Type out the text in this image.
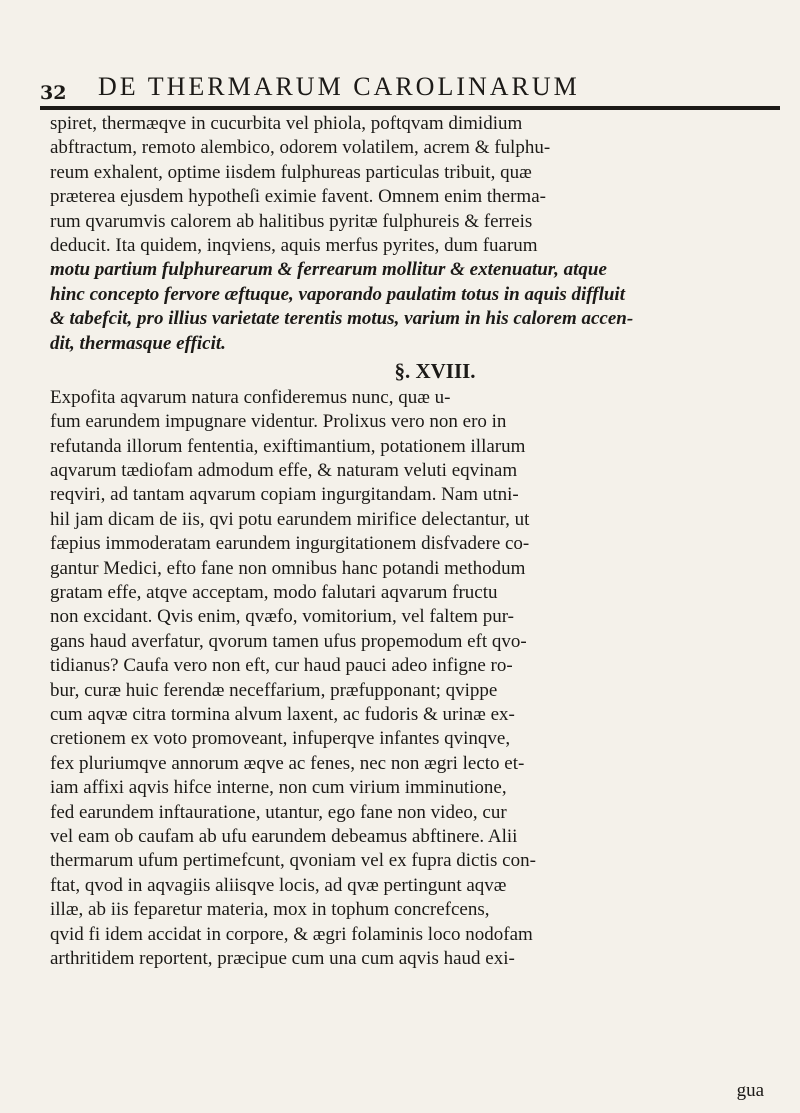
32 DE THERMARUM CAROLINARUM
spiret, thermæqve in cucurbita vel phiola, poftqvam dimidium
abftractum, remoto alembico, odorem volatilem, acrem & fulphu-
reum exhalent, optime iisdem fulphureas particulas tribuit, quæ
præterea ejusdem hypotheſi eximie favent. Omnem enim therma-
rum qvarumvis calorem ab halitibus pyritæ fulphureis & ferreis
deducit. Ita quidem, inqviens, aquis merfus pyrites, dum fuarum
motu partium fulphurearum & ferrearum mollitur & extenuatur, atque
hinc concepto fervore æftuque, vaporando paulatim totus in aquis diffluit
& tabefcit, pro illius varietate terentis motus, varium in his calorem accen-
dit, thermasque efficit.
§. XVIII.
Expofita aqvarum natura confideremus nunc, quæ u-
fum earundem impugnare videntur. Prolixus vero non ero in
refutanda illorum fententia, exiftimantium, potationem illarum
aqvarum tædiofam admodum effe, & naturam veluti eqvinam
reqviri, ad tantam aqvarum copiam ingurgitandam. Nam utni-
hil jam dicam de iis, qvi potu earundem mirifice delectantur, ut
fæpius immoderatam earundem ingurgitationem disfvadere co-
gantur Medici, efto fane non omnibus hanc potandi methodum
gratam effe, atqve acceptam, modo falutari aqvarum fructu
non excidant. Qvis enim, qvæfo, vomitorium, vel faltem pur-
gans haud averfatur, qvorum tamen ufus propemodum eft qvo-
tidianus? Caufa vero non eft, cur haud pauci adeo infigne ro-
bur, curæ huic ferendæ neceffarium, præfupponant; qvippe
cum aqvæ citra tormina alvum laxent, ac fudoris & urinæ ex-
cretionem ex voto promoveant, infuperqve infantes qvinqve,
fex pluriumqve annorum æqve ac fenes, nec non ægri lecto et-
iam affixi aqvis hifce interne, non cum virium imminutione,
fed earundem inftauratione, utantur, ego fane non video, cur
vel eam ob caufam ab ufu earundem debeamus abftinere. Alii
thermarum ufum pertimefcunt, qvoniam vel ex fupra dictis con-
ftat, qvod in aqvagiis aliisqve locis, ad qvæ pertingunt aqvæ
illæ, ab iis feparetur materia, mox in tophum concrefcens,
qvid fi idem accidat in corpore, & ægri folaminis loco nodofam
arthritidem reportent, præcipue cum una cum aqvis haud exi-
gua
